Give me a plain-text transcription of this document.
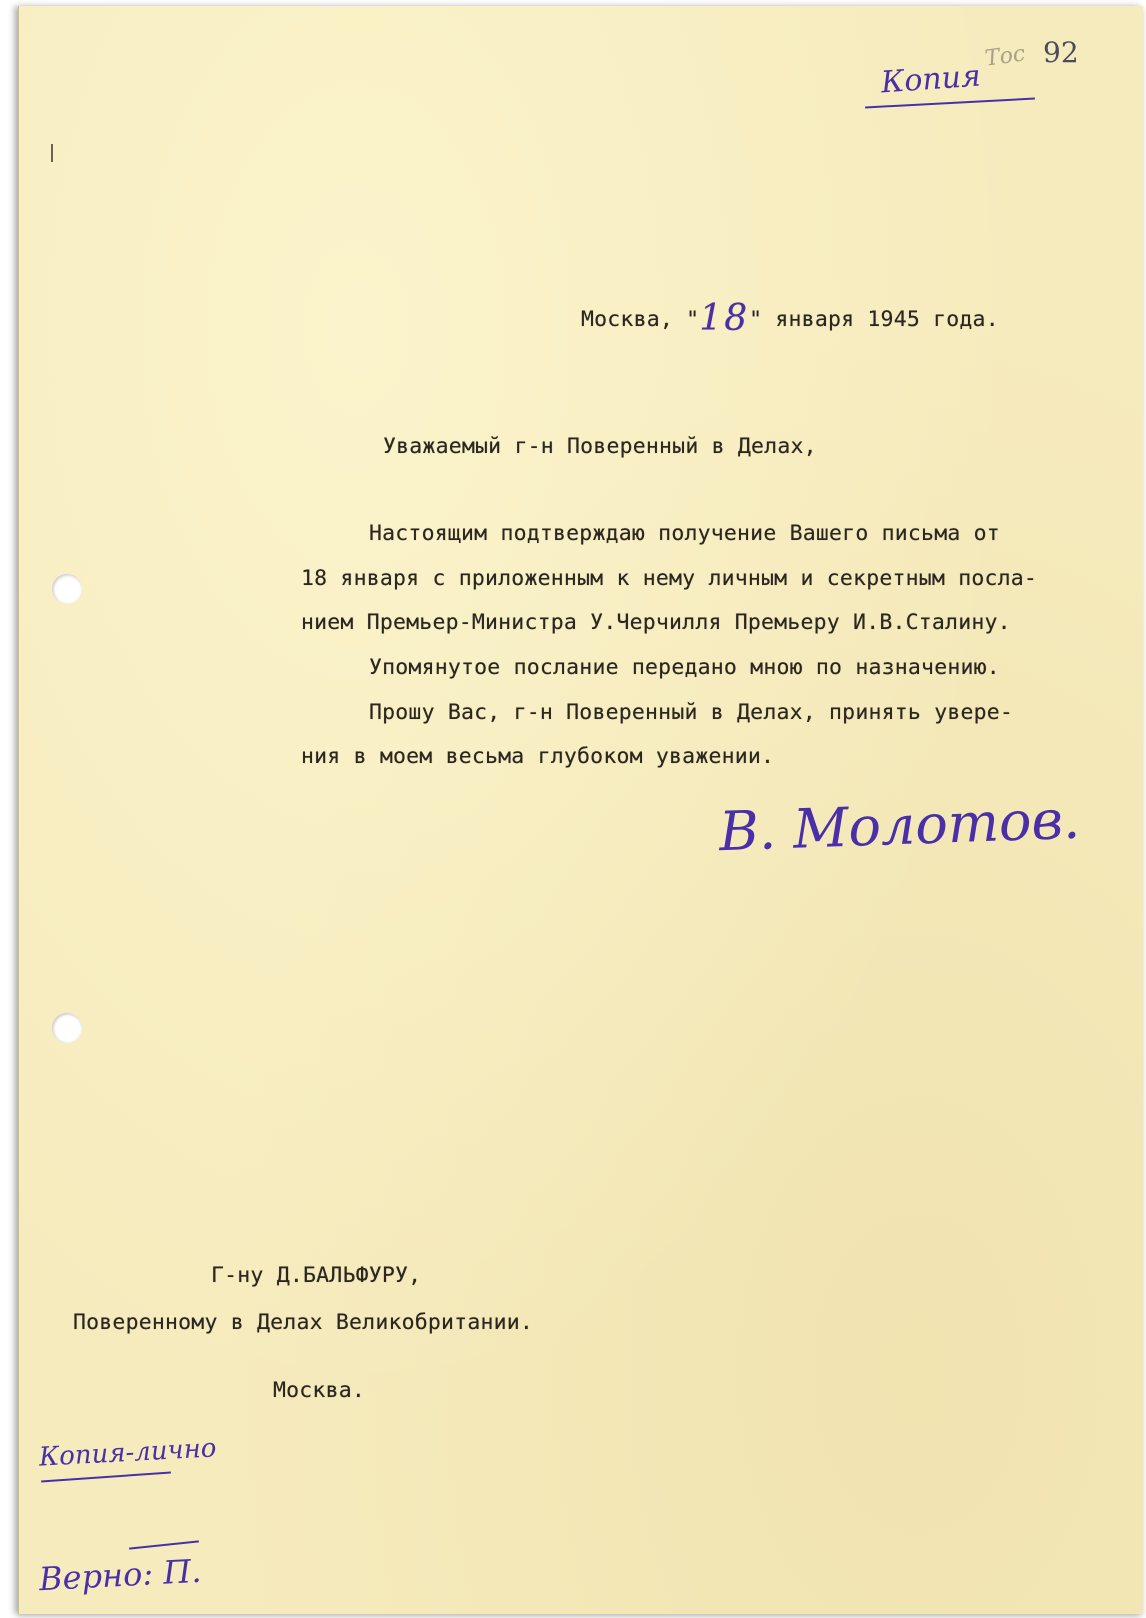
Копия
Тос 92
Москва, "18" января 1945 года.
Уважаемый г-н Поверенный в Делах,
Настоящим подтверждаю получение Вашего письма от
18 января с приложенным к нему личным и секретным посла-
нием Премьер-Министра У.Черчилля Премьеру И.В.Сталину.
Упомянутое послание передано мною по назначению.
Прошу Вас, г-н Поверенный в Делах, принять увере-
ния в моем весьма глубоком уважении.
В. Молотов.
Г-ну Д.БАЛЬФУРУ,
Поверенному в Делах Великобритании.
Москва.
Копия-лично
Верно: П.
